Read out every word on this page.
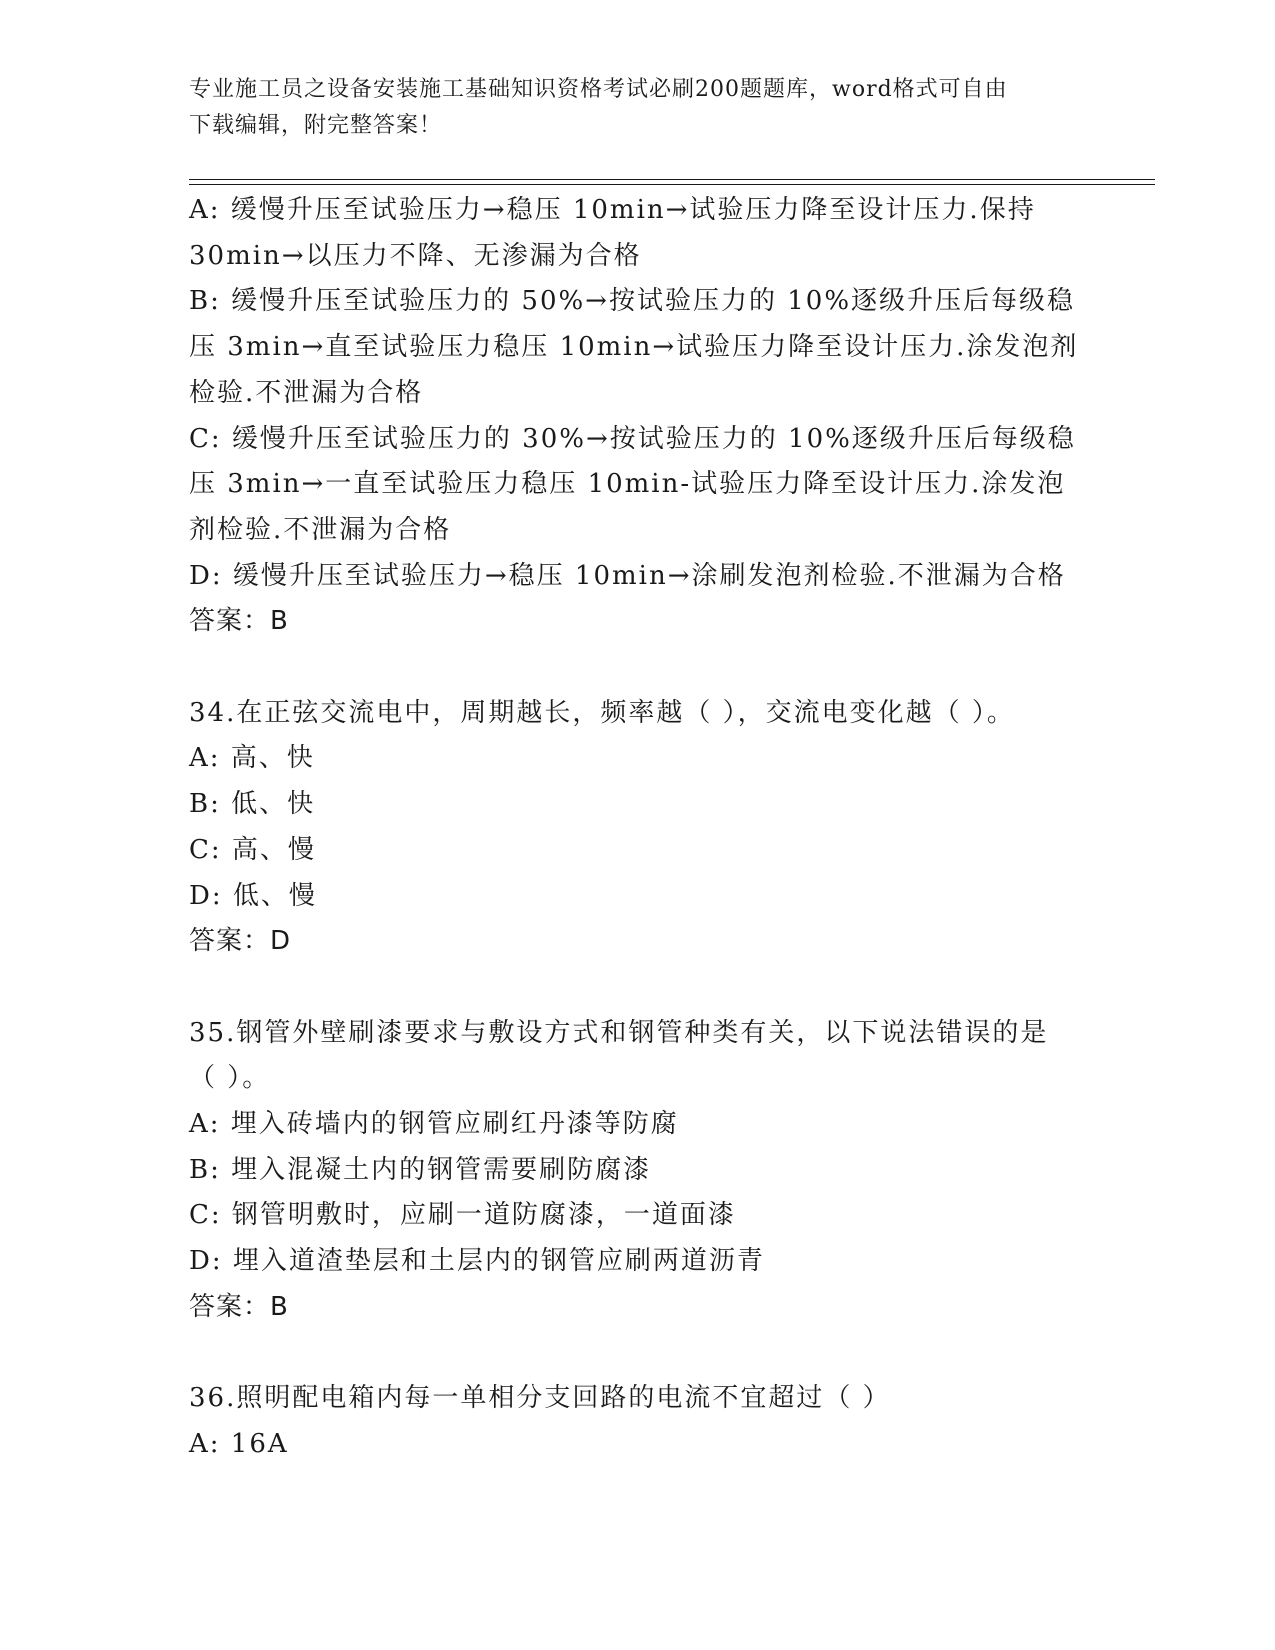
专业施工员之设备安装施工基础知识资格考试必刷200题题库，word格式可自由
下载编辑，附完整答案！

A: 缓慢升压至试验压力→稳压 10min→试验压力降至设计压力.保持

30min→以压力不降、无渗漏为合格

B: 缓慢升压至试验压力的 50%→按试验压力的 10%逐级升压后每级稳

压 3min→直至试验压力稳压 10min→试验压力降至设计压力.涂发泡剂

检验.不泄漏为合格

C: 缓慢升压至试验压力的 30%→按试验压力的 10%逐级升压后每级稳

压 3min→一直至试验压力稳压 10min-试验压力降至设计压力.涂发泡

剂检验.不泄漏为合格

D: 缓慢升压至试验压力→稳压 10min→涂刷发泡剂检验.不泄漏为合格

答案：B

34.在正弦交流电中，周期越长，频率越（ ），交流电变化越（ ）。

A: 高、快

B: 低、快

C: 高、慢

D: 低、慢

答案：D

35.钢管外壁刷漆要求与敷设方式和钢管种类有关，以下说法错误的是

（ ）。

A: 埋入砖墙内的钢管应刷红丹漆等防腐

B: 埋入混凝土内的钢管需要刷防腐漆

C: 钢管明敷时，应刷一道防腐漆，一道面漆

D: 埋入道渣垫层和土层内的钢管应刷两道沥青

答案：B

36.照明配电箱内每一单相分支回路的电流不宜超过（ ）

A: 16A
